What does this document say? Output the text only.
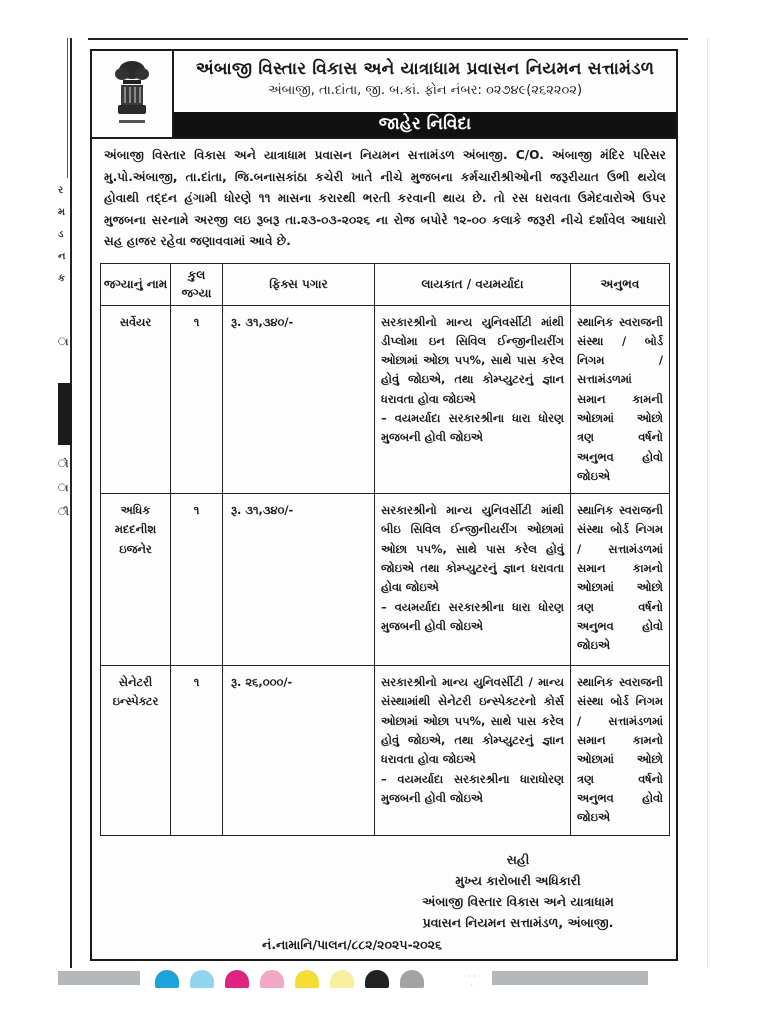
ર
મ
ડ
ન
ક
ા
ો
ા
ી
અંબાજી વિસ્તાર વિકાસ અને યાત્રાધામ પ્રવાસન નિયમન સત્તામંડળ
અંબાજી, તા.દાંતા, જી. બ.કાં. ફોન નંબર: ૦૨૭૪૯(૨૬૨૨૦૨)
જાહેર નિવિદા

અંબાજી વિસ્તાર વિકાસ અને યાત્રાધામ પ્રવાસન નિયમન સત્તામંડળ અંબાજી. C/O. અંબાજી મંદિર પરિસર મુ.પો.અંબાજી, તા.દાંતા, જિ.બનાસકાંઠા કચેરી ખાતે નીચે મુજબના કર્મચારીશ્રીઓની જરૂરીયાત ઉભી થયેલ હોવાથી તદ્દન હંગામી ધોરણે ૧૧ માસના કરારથી ભરતી કરવાની થાય છે. તો રસ ધરાવતા ઉમેદવારોએ ઉપર મુજબના સરનામે અરજી લઇ રૂબરૂ તા.૨૩-૦૩-૨૦૨૬ ના રોજ બપોરે ૧૨-૦૦ કલાકે જરૂરી નીચે દર્શાવેલ આધારો સહ હાજર રહેવા જણાવવામાં આવે છે.

જગ્યાનું નામ	કુલ જગ્યા	ફિક્સ પગાર	લાયકાત / વયમર્યાદા	અનુભવ
સર્વેયર	૧	રૂ. ૩૧,૩૪૦/-	સરકારશ્રીનો માન્ય યુનિવર્સીટી માંથી ડીપ્લોમા ઇન સિવિલ ઈન્જીનીયરીંગ ઓછામાં ઓછા ૫૫%, સાથે પાસ કરેલ હોવું જોઇએ, તથા કોમ્પ્યુટરનું જ્ઞાન ધરાવતા હોવા જોઇએ
– વયમર્યાદા સરકારશ્રીના ધારા ધોરણ મુજબની હોવી જોઇએ	સ્થાનિક સ્વરાજની સંસ્થા / બોર્ડ નિગમ / સત્તામંડળમાં સમાન કામની ઓછામાં ઓછો ત્રણ વર્ષનો અનુભવ હોવો જોઇએ
અધિક મદદનીશ ઇજનેર	૧	રૂ. ૩૧,૩૪૦/-	સરકારશ્રીનો માન્ય યુનિવર્સીટી માંથી બીઇ સિવિલ ઈન્જીનીયરીંગ ઓછામાં ઓછા ૫૫%, સાથે પાસ કરેલ હોવું જોઇએ તથા કોમ્પ્યુટરનું જ્ઞાન ધરાવતા હોવા જોઇએ
– વયમર્યાદા સરકારશ્રીના ધારા ધોરણ મુજબની હોવી જોઇએ	સ્થાનિક સ્વરાજની સંસ્થા બોર્ડ નિગમ / સત્તામંડળમાં સમાન કામનો ઓછામાં ઓછો ત્રણ વર્ષનો અનુભવ હોવો જોઇએ
સેનેટરી ઇન્સ્પેક્ટર	૧	રૂ. ૨૬,૦૦૦/-	સરકારશ્રીનો માન્ય યુનિવર્સીટી / માન્ય સંસ્થામાંથી સેનેટરી ઇન્સ્પેક્ટરનો કોર્સ ઓછામાં ઓછા ૫૫%, સાથે પાસ કરેલ હોવું જોઇએ, તથા કોમ્પ્યુટરનું જ્ઞાન ધરાવતા હોવા જોઇએ
– વયમર્યાદા સરકારશ્રીના ધારાધોરણ મુજબની હોવી જોઇએ	સ્થાનિક સ્વરાજની સંસ્થા બોર્ડ નિગમ / સત્તામંડળમાં સમાન કામનો ઓછામાં ઓછો ત્રણ વર્ષનો અનુભવ હોવો જોઇએ
સહી
મુખ્ય કારોબારી અધિકારી
અંબાજી વિસ્તાર વિકાસ અને યાત્રાધામ
પ્રવાસન નિયમન સત્તામંડળ, અંબાજી.
નં.નામાનિ/પાલન/૮૮૨/૨૦૨૫-૨૦૨૬
· ·
·
